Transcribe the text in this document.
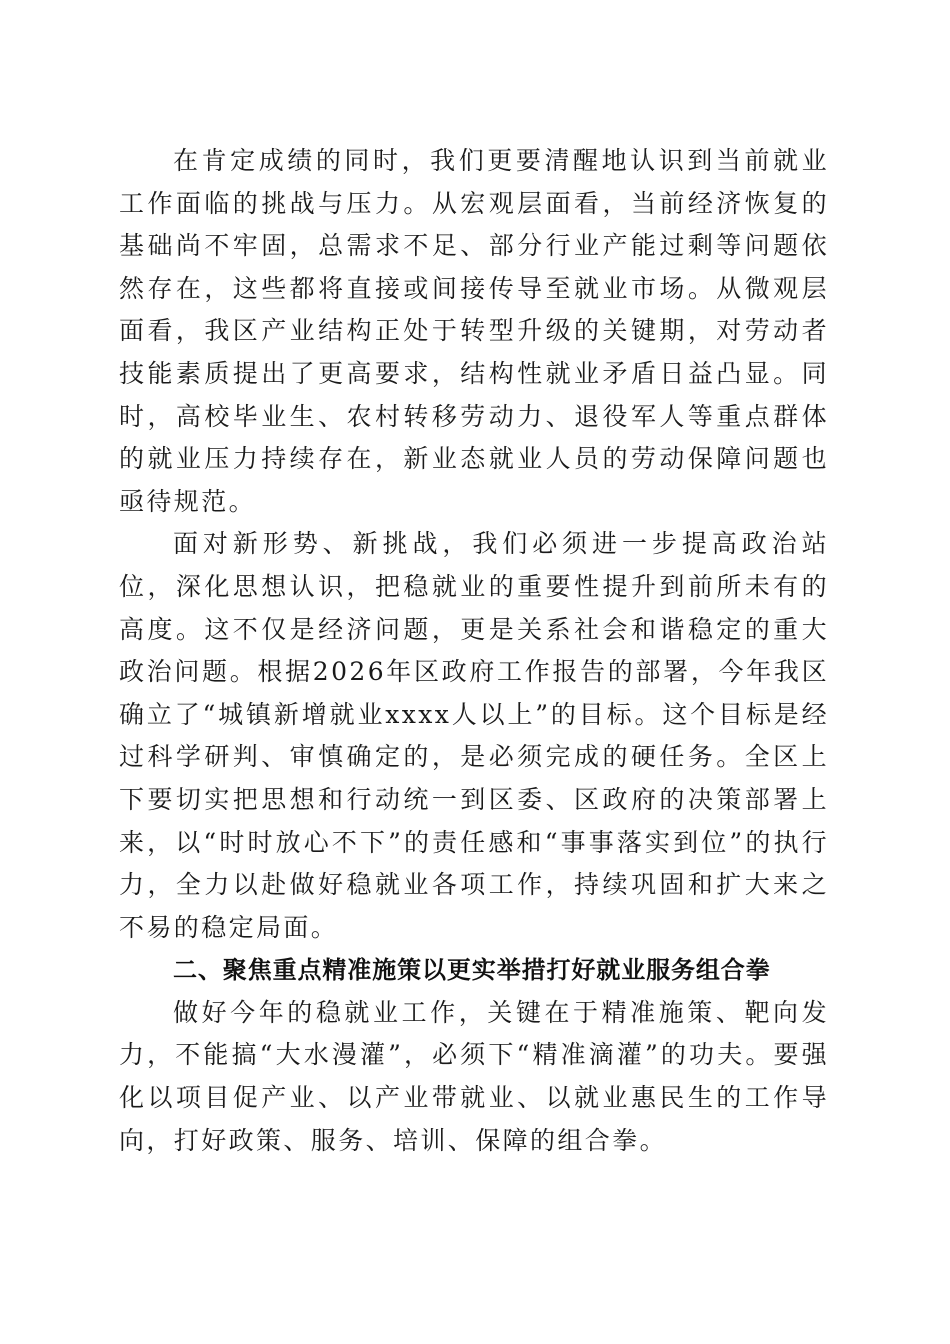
在肯定成绩的同时，我们更要清醒地认识到当前就业工作面临的挑战与压力。从宏观层面看，当前经济恢复的基础尚不牢固，总需求不足、部分行业产能过剩等问题依然存在，这些都将直接或间接传导至就业市场。从微观层面看，我区产业结构正处于转型升级的关键期，对劳动者技能素质提出了更高要求，结构性就业矛盾日益凸显。同时，高校毕业生、农村转移劳动力、退役军人等重点群体的就业压力持续存在，新业态就业人员的劳动保障问题也亟待规范。

面对新形势、新挑战，我们必须进一步提高政治站位，深化思想认识，把稳就业的重要性提升到前所未有的高度。这不仅是经济问题，更是关系社会和谐稳定的重大政治问题。根据2026年区政府工作报告的部署，今年我区确立了“城镇新增就业xxxx人以上”的目标。这个目标是经过科学研判、审慎确定的，是必须完成的硬任务。全区上下要切实把思想和行动统一到区委、区政府的决策部署上来，以“时时放心不下”的责任感和“事事落实到位”的执行力，全力以赴做好稳就业各项工作，持续巩固和扩大来之不易的稳定局面。

二、聚焦重点精准施策以更实举措打好就业服务组合拳

做好今年的稳就业工作，关键在于精准施策、靶向发力，不能搞“大水漫灌”，必须下“精准滴灌”的功夫。要强化以项目促产业、以产业带就业、以就业惠民生的工作导向，打好政策、服务、培训、保障的组合拳。
